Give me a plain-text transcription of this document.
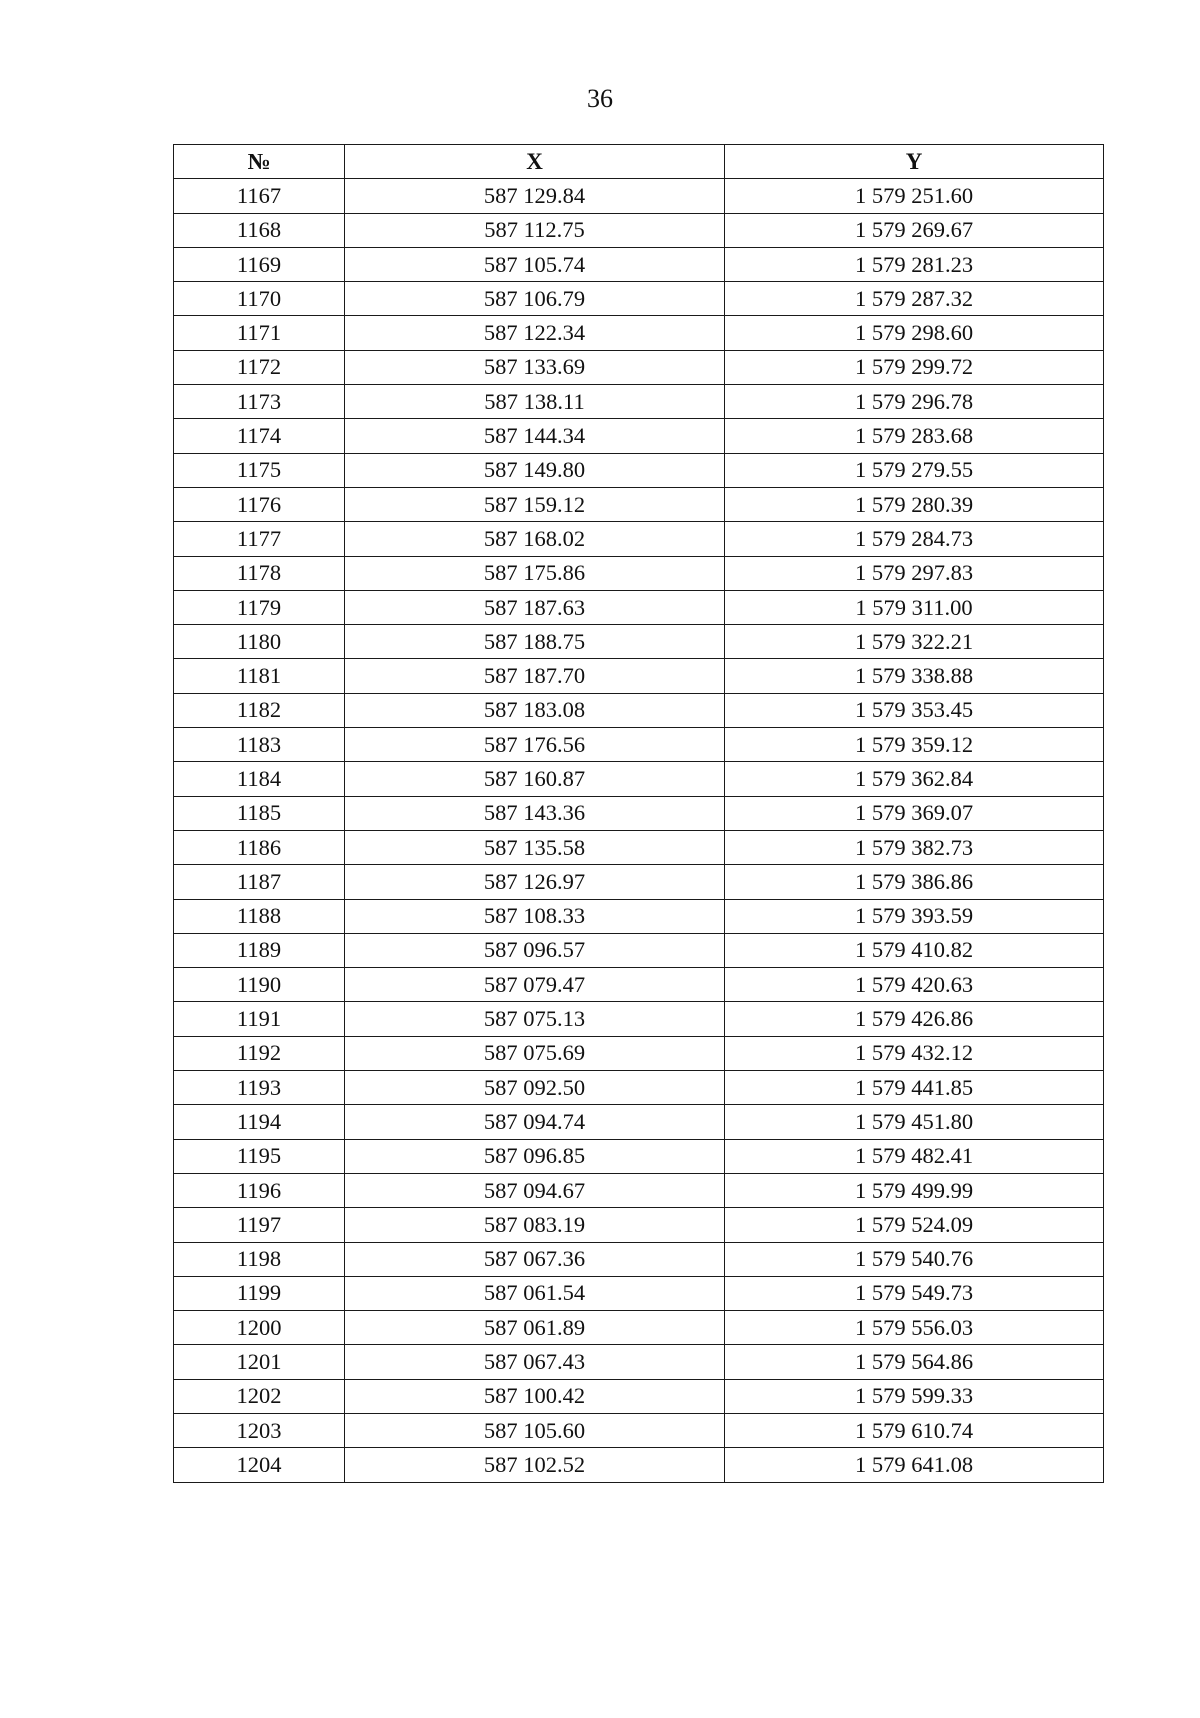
36
№	X	Y
1167	587 129.84	1 579 251.60
1168	587 112.75	1 579 269.67
1169	587 105.74	1 579 281.23
1170	587 106.79	1 579 287.32
1171	587 122.34	1 579 298.60
1172	587 133.69	1 579 299.72
1173	587 138.11	1 579 296.78
1174	587 144.34	1 579 283.68
1175	587 149.80	1 579 279.55
1176	587 159.12	1 579 280.39
1177	587 168.02	1 579 284.73
1178	587 175.86	1 579 297.83
1179	587 187.63	1 579 311.00
1180	587 188.75	1 579 322.21
1181	587 187.70	1 579 338.88
1182	587 183.08	1 579 353.45
1183	587 176.56	1 579 359.12
1184	587 160.87	1 579 362.84
1185	587 143.36	1 579 369.07
1186	587 135.58	1 579 382.73
1187	587 126.97	1 579 386.86
1188	587 108.33	1 579 393.59
1189	587 096.57	1 579 410.82
1190	587 079.47	1 579 420.63
1191	587 075.13	1 579 426.86
1192	587 075.69	1 579 432.12
1193	587 092.50	1 579 441.85
1194	587 094.74	1 579 451.80
1195	587 096.85	1 579 482.41
1196	587 094.67	1 579 499.99
1197	587 083.19	1 579 524.09
1198	587 067.36	1 579 540.76
1199	587 061.54	1 579 549.73
1200	587 061.89	1 579 556.03
1201	587 067.43	1 579 564.86
1202	587 100.42	1 579 599.33
1203	587 105.60	1 579 610.74
1204	587 102.52	1 579 641.08
